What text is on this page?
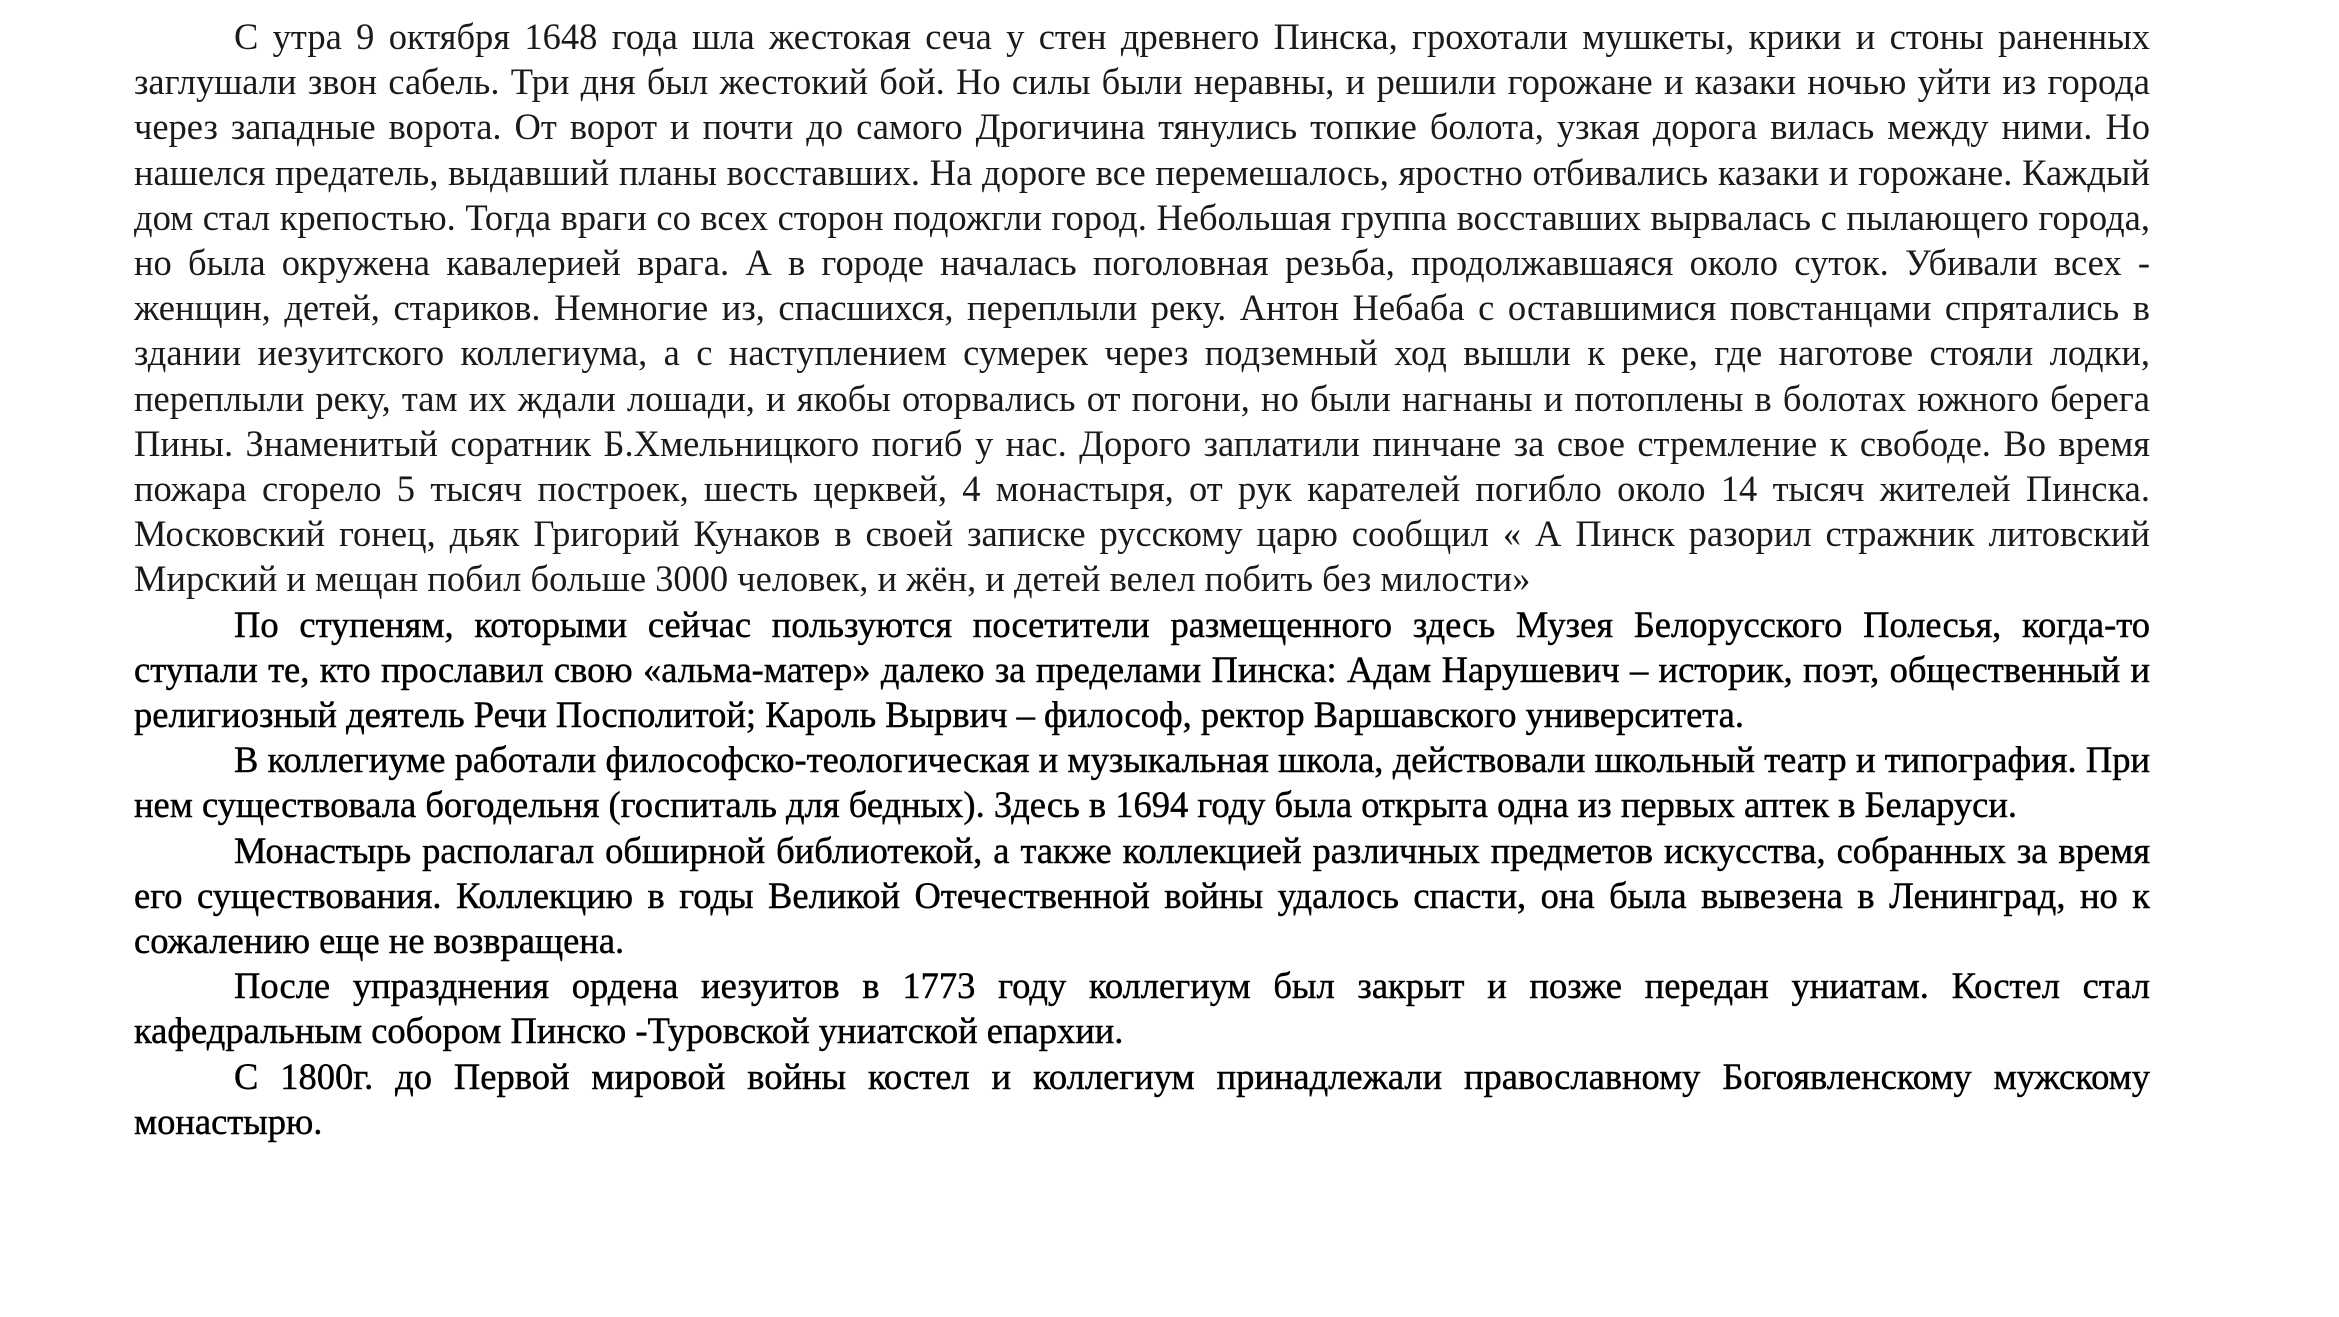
С утра 9 октября 1648 года шла жестокая сеча у стен древнего Пинска, грохотали мушкеты, крики и стоны раненных заглушали звон сабель. Три дня был жестокий бой. Но силы были неравны, и решили горожане и казаки ночью уйти из города через западные ворота. От ворот и почти до самого Дрогичина тянулись топкие болота, узкая дорога вилась между ними. Но нашелся предатель, выдавший планы восставших. На дороге все перемешалось, яростно отбивались казаки и горожане. Каждый дом стал крепостью. Тогда враги со всех сторон подожгли город. Небольшая группа восставших вырвалась с пылающего города, но была окружена кавалерией врага. А в городе началась поголовная резьба, продолжавшаяся около суток. Убивали всех - женщин, детей, стариков. Немногие из, спасшихся, переплыли реку. Антон Небаба с оставшимися повстанцами спрятались в здании иезуитского коллегиума, а с наступлением сумерек через подземный ход вышли к реке, где наготове стояли лодки, переплыли реку, там их ждали лошади, и якобы оторвались от погони, но были нагнаны и потоплены в болотах южного берега Пины. Знаменитый соратник Б.Хмельницкого погиб у нас. Дорого заплатили пинчане за свое стремление к свободе. Во время пожара сгорело 5 тысяч построек, шесть церквей, 4 монастыря, от рук карателей погибло около 14 тысяч жителей Пинска. Московский гонец, дьяк Григорий Кунаков в своей записке русскому царю сообщил « А Пинск разорил стражник литовский Мирский и мещан побил больше 3000 человек, и жён, и детей велел побить без милости»

По ступеням, которыми сейчас пользуются посетители размещенного здесь Музея Белорусского Полесья, когда-то ступали те, кто прославил свою «альма-матер» далеко за пределами Пинска: Адам Нарушевич – историк, поэт, общественный и религиозный деятель Речи Посполитой; Кароль Вырвич – философ, ректор Варшавского университета.

В коллегиуме работали философско-теологическая и музыкальная школа, действовали школьный театр и типография. При нем существовала богодельня (госпиталь для бедных). Здесь в 1694 году была открыта одна из первых аптек в Беларуси.

Монастырь располагал обширной библиотекой, а также коллекцией различных предметов искусства, собранных за время его существования. Коллекцию в годы Великой Отечественной войны удалось спасти, она была вывезена в Ленинград, но к сожалению еще не возвращена.

После упразднения ордена иезуитов в 1773 году коллегиум был закрыт и позже передан униатам. Костел стал кафедральным собором Пинско -Туровской униатской епархии.

С 1800г. до Первой мировой войны костел и коллегиум принадлежали православному Богоявленскому мужскому монастырю.
